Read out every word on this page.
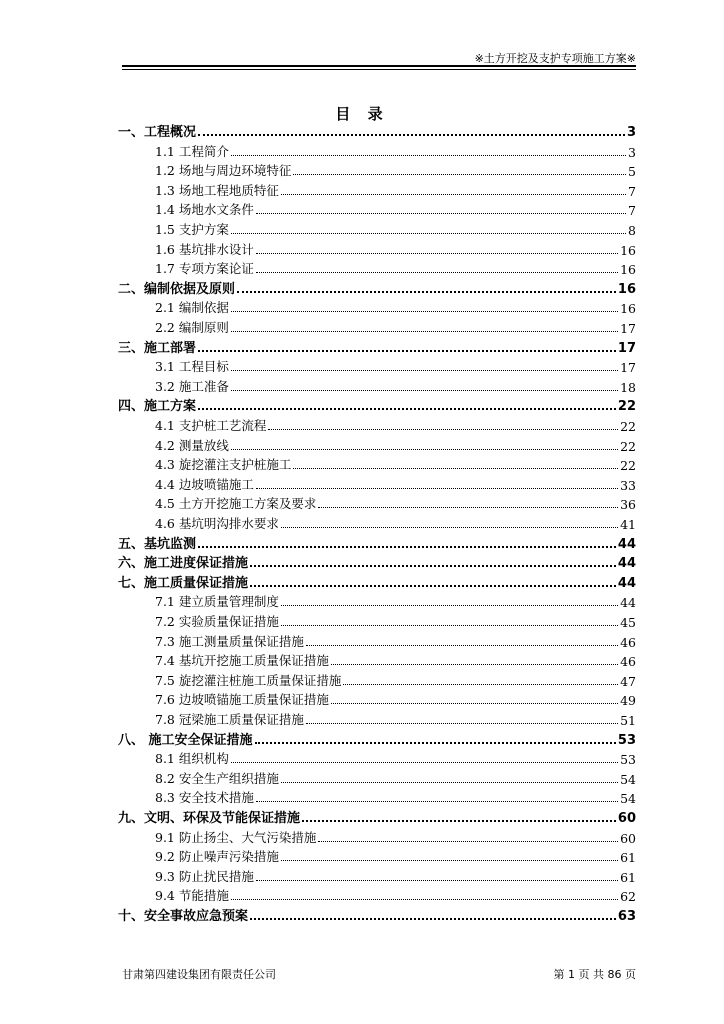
※土方开挖及支护专项施工方案※
目 录
一、工程概况	3
1.1 工程简介	3
1.2 场地与周边环境特征	5
1.3 场地工程地质特征	7
1.4 场地水文条件	7
1.5 支护方案	8
1.6 基坑排水设计	16
1.7 专项方案论证	16
二、编制依据及原则	16
2.1 编制依据	16
2.2 编制原则	17
三、施工部署	17
3.1 工程目标	17
3.2 施工准备	18
四、施工方案	22
4.1 支护桩工艺流程	22
4.2 测量放线	22
4.3 旋挖灌注支护桩施工	22
4.4 边坡喷锚施工	33
4.5 土方开挖施工方案及要求	36
4.6 基坑明沟排水要求	41
五、基坑监测	44
六、施工进度保证措施	44
七、施工质量保证措施	44
7.1 建立质量管理制度	44
7.2 实验质量保证措施	45
7.3 施工测量质量保证措施	46
7.4 基坑开挖施工质量保证措施	46
7.5 旋挖灌注桩施工质量保证措施	47
7.6 边坡喷锚施工质量保证措施	49
7.8 冠梁施工质量保证措施	51
八、 施工安全保证措施	53
8.1 组织机构	53
8.2 安全生产组织措施	54
8.3 安全技术措施	54
九、文明、环保及节能保证措施	60
9.1 防止扬尘、大气污染措施	60
9.2 防止噪声污染措施	61
9.3 防止扰民措施	61
9.4 节能措施	62
十、安全事故应急预案	63
甘肃第四建设集团有限责任公司	第 1 页 共 86 页
